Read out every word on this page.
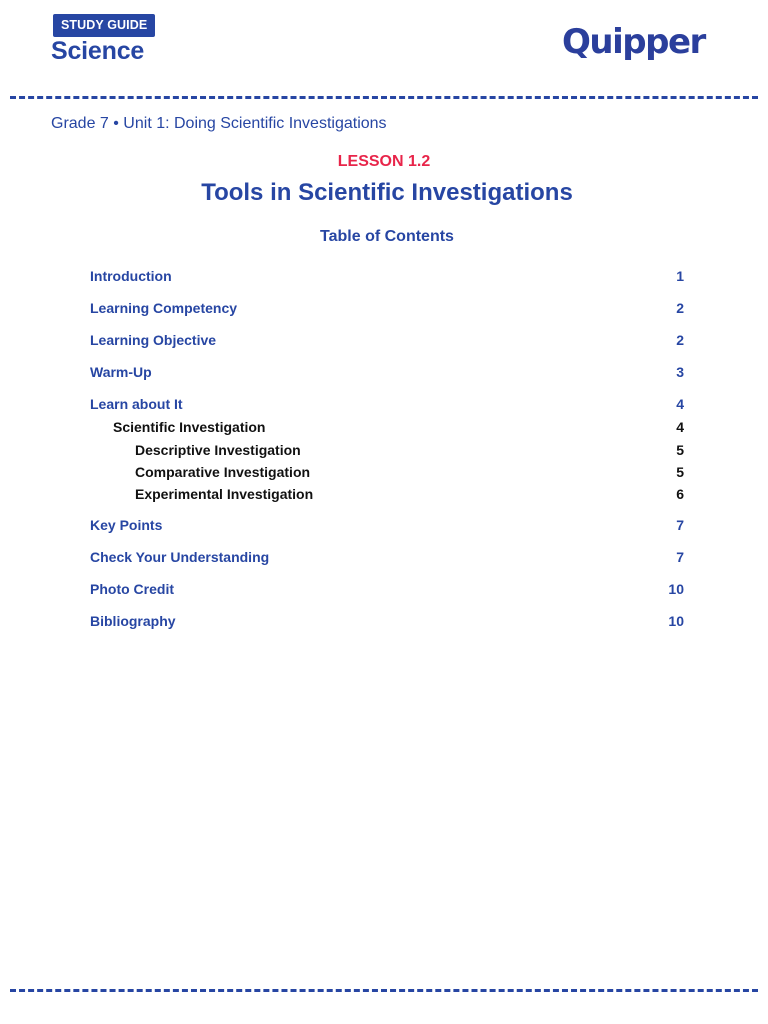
STUDY GUIDE
Science	Quipper
Grade 7 • Unit 1: Doing Scientific Investigations
LESSON 1.2
Tools in Scientific Investigations
Table of Contents
Introduction	1
Learning Competency	2
Learning Objective	2
Warm-Up	3
Learn about It	4
Scientific Investigation	4
Descriptive Investigation	5
Comparative Investigation	5
Experimental Investigation	6
Key Points	7
Check Your Understanding	7
Photo Credit	10
Bibliography	10
